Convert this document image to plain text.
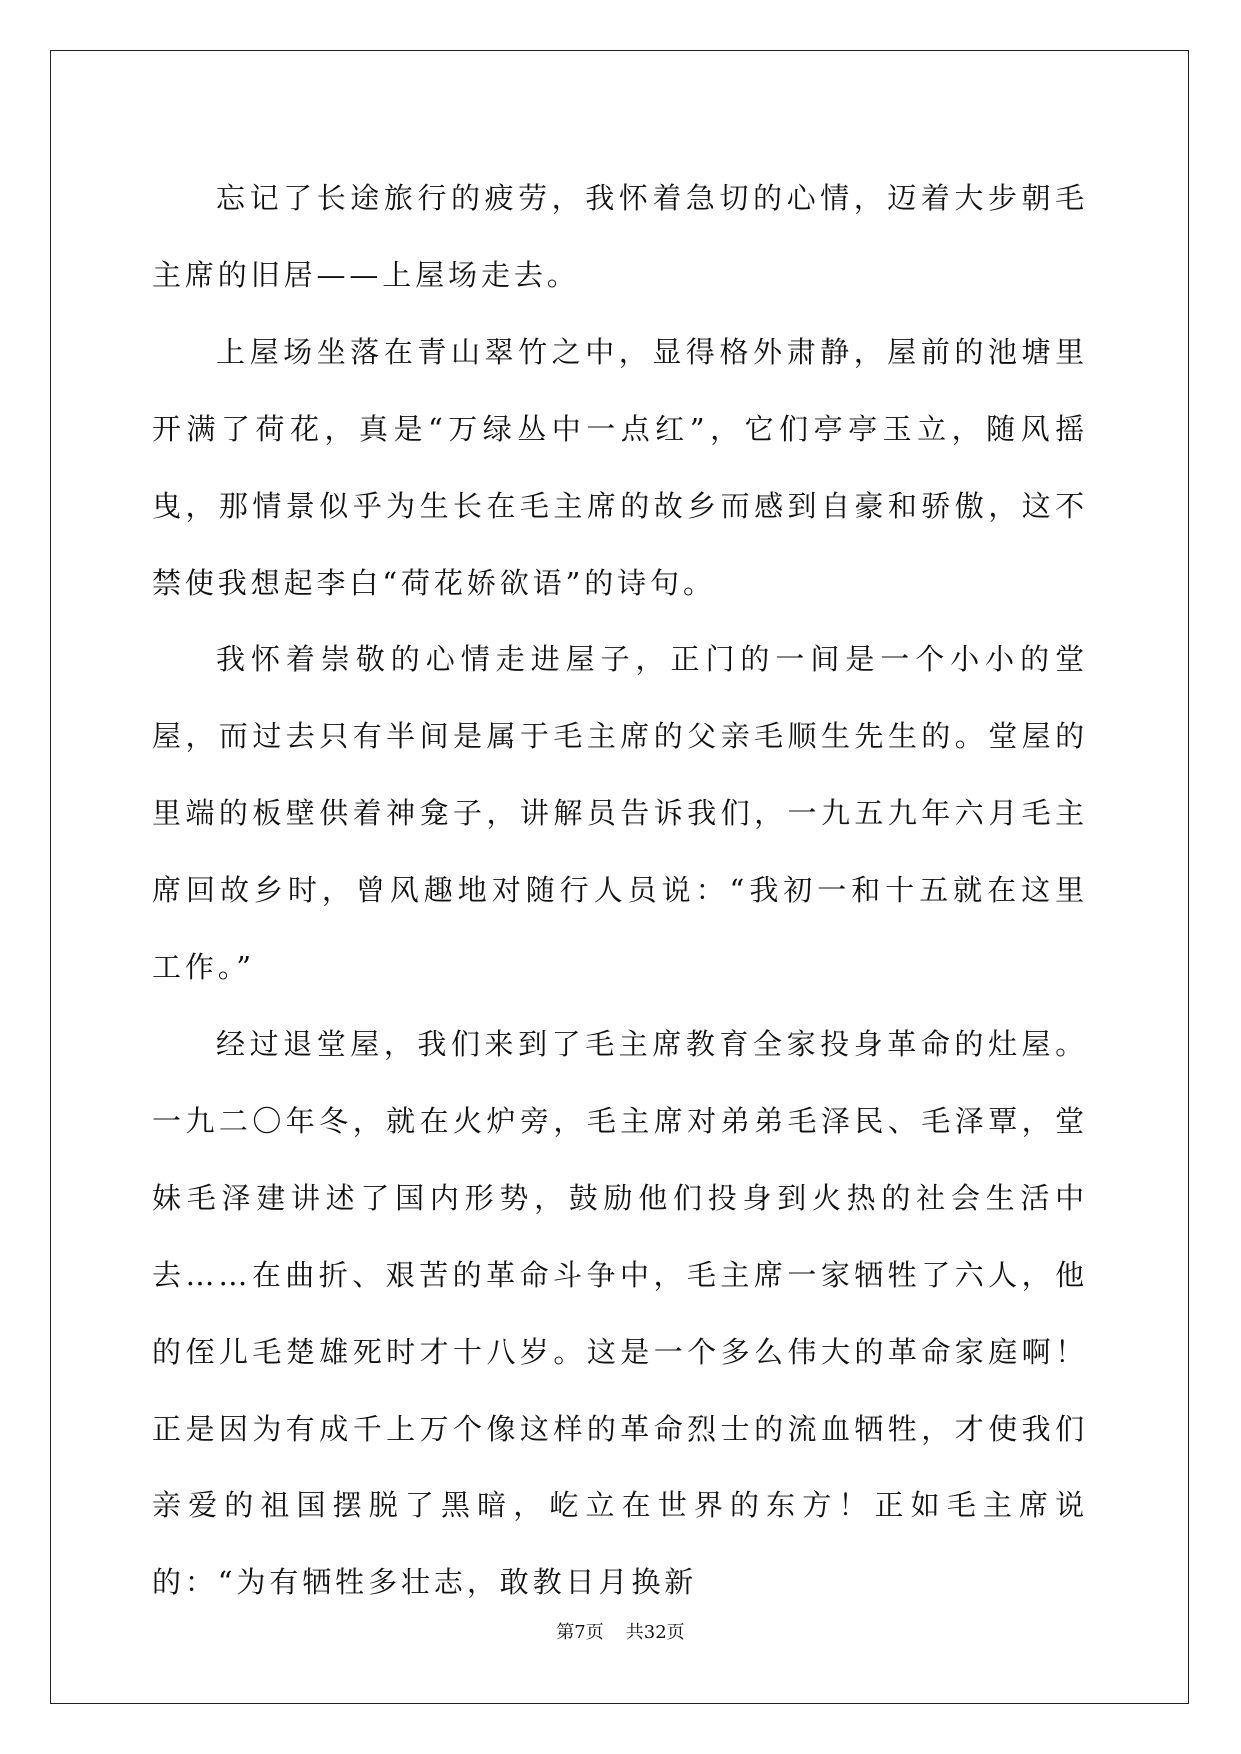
忘记了长途旅行的疲劳，我怀着急切的心情，迈着大步朝毛主席的旧居——上屋场走去。

上屋场坐落在青山翠竹之中，显得格外肃静，屋前的池塘里开满了荷花，真是“万绿丛中一点红”，它们亭亭玉立，随风摇曳，那情景似乎为生长在毛主席的故乡而感到自豪和骄傲，这不禁使我想起李白“荷花娇欲语”的诗句。

我怀着崇敬的心情走进屋子，正门的一间是一个小小的堂屋，而过去只有半间是属于毛主席的父亲毛顺生先生的。堂屋的里端的板壁供着神龛子，讲解员告诉我们，一九五九年六月毛主席回故乡时，曾风趣地对随行人员说：“我初一和十五就在这里工作。”

经过退堂屋，我们来到了毛主席教育全家投身革命的灶屋。一九二〇年冬，就在火炉旁，毛主席对弟弟毛泽民、毛泽覃，堂妹毛泽建讲述了国内形势，鼓励他们投身到火热的社会生活中去……在曲折、艰苦的革命斗争中，毛主席一家牺牲了六人，他的侄儿毛楚雄死时才十八岁。这是一个多么伟大的革命家庭啊！正是因为有成千上万个像这样的革命烈士的流血牺牲，才使我们亲爱的祖国摆脱了黑暗，屹立在世界的东方！正如毛主席说的：“为有牺牲多壮志，敢教日月换新

第7页 共32页
